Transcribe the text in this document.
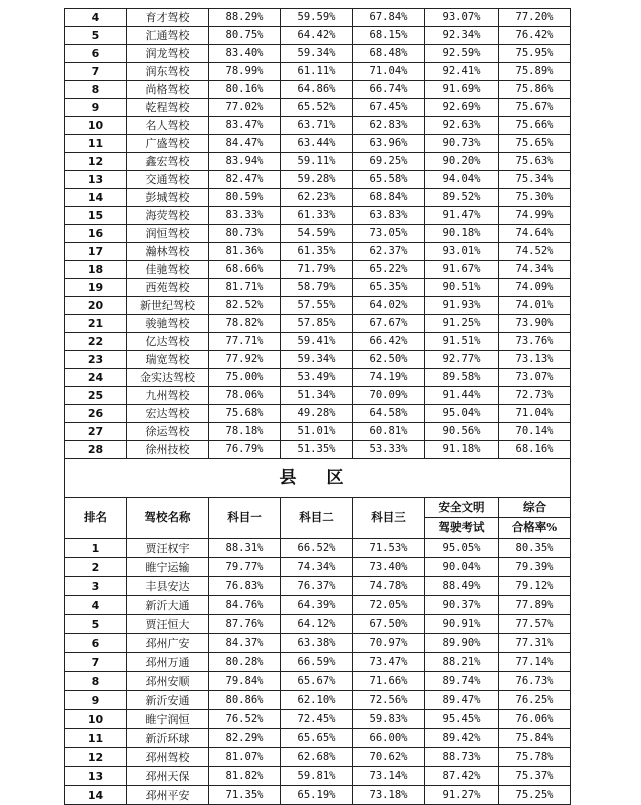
4	育才驾校	88.29%	59.59%	67.84%	93.07%	77.20%
5	汇通驾校	80.75%	64.42%	68.15%	92.34%	76.42%
6	润龙驾校	83.40%	59.34%	68.48%	92.59%	75.95%
7	润东驾校	78.99%	61.11%	71.04%	92.41%	75.89%
8	尚格驾校	80.16%	64.86%	66.74%	91.69%	75.86%
9	乾程驾校	77.02%	65.52%	67.45%	92.69%	75.67%
10	名人驾校	83.47%	63.71%	62.83%	92.63%	75.66%
11	广盛驾校	84.47%	63.44%	63.96%	90.73%	75.65%
12	鑫宏驾校	83.94%	59.11%	69.25%	90.20%	75.63%
13	交通驾校	82.47%	59.28%	65.58%	94.04%	75.34%
14	彭城驾校	80.59%	62.23%	68.84%	89.52%	75.30%
15	海荧驾校	83.33%	61.33%	63.83%	91.47%	74.99%
16	润恒驾校	80.73%	54.59%	73.05%	90.18%	74.64%
17	瀚林驾校	81.36%	61.35%	62.37%	93.01%	74.52%
18	佳驰驾校	68.66%	71.79%	65.22%	91.67%	74.34%
19	西苑驾校	81.71%	58.79%	65.35%	90.51%	74.09%
20	新世纪驾校	82.52%	57.55%	64.02%	91.93%	74.01%
21	骏驰驾校	78.82%	57.85%	67.67%	91.25%	73.90%
22	亿达驾校	77.71%	59.41%	66.42%	91.51%	73.76%
23	瑞宽驾校	77.92%	59.34%	62.50%	92.77%	73.13%
24	金实达驾校	75.00%	53.49%	74.19%	89.58%	73.07%
25	九州驾校	78.06%	51.34%	70.09%	91.44%	72.73%
26	宏达驾校	75.68%	49.28%	64.58%	95.04%	71.04%
27	徐运驾校	78.18%	51.01%	60.81%	90.56%	70.14%
28	徐州技校	76.79%	51.35%	53.33%	91.18%	68.16%
县 区						
排名	驾校名称	科目一	科目二	科目三	安全文明	综合
					驾驶考试	合格率%
1	贾汪权宇	88.31%	66.52%	71.53%	95.05%	80.35%
2	睢宁运输	79.77%	74.34%	73.40%	90.04%	79.39%
3	丰县安达	76.83%	76.37%	74.78%	88.49%	79.12%
4	新沂大通	84.76%	64.39%	72.05%	90.37%	77.89%
5	贾汪恒大	87.76%	64.12%	67.50%	90.91%	77.57%
6	邳州广安	84.37%	63.38%	70.97%	89.90%	77.31%
7	邳州万通	80.28%	66.59%	73.47%	88.21%	77.14%
8	邳州安顺	79.84%	65.67%	71.66%	89.74%	76.73%
9	新沂安通	80.86%	62.10%	72.56%	89.47%	76.25%
10	睢宁润恒	76.52%	72.45%	59.83%	95.45%	76.06%
11	新沂环球	82.29%	65.65%	66.00%	89.42%	75.84%
12	邳州驾校	81.07%	62.68%	70.62%	88.73%	75.78%
13	邳州天保	81.82%	59.81%	73.14%	87.42%	75.37%
14	邳州平安	71.35%	65.19%	73.18%	91.27%	75.25%
